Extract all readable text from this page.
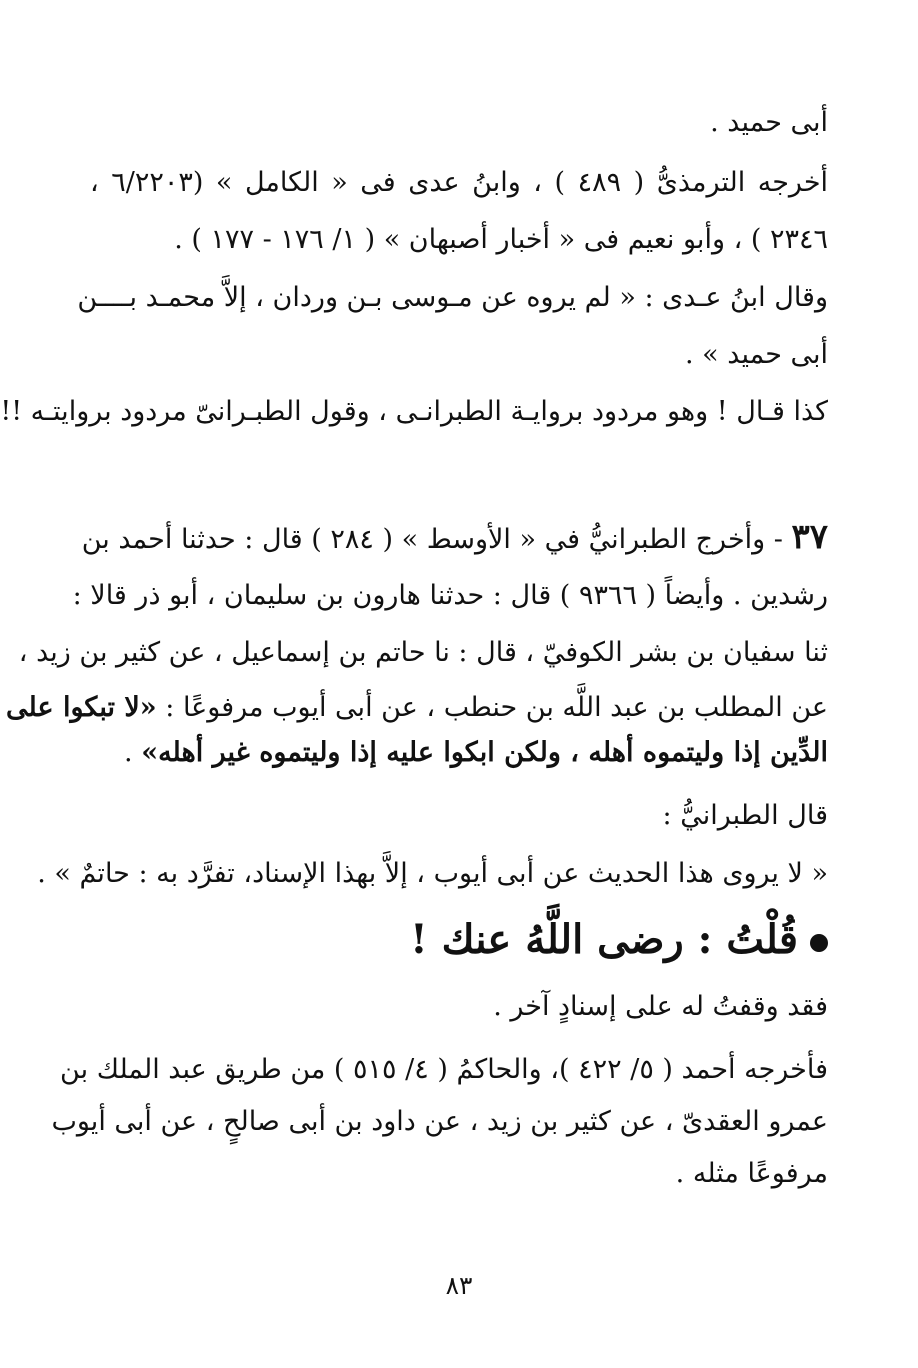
أبى حميد .
أخرجه الترمذىُّ ( ٤٨٩ ) ، وابنُ عدى فى « الكامل » (٦/٢٢٠٣ ،
٢٣٤٦ ) ، وأبو نعيم فى « أخبار أصبهان » ( ١/ ١٧٦ - ١٧٧ ) .
وقال ابنُ عـدى : « لم يروه عن مـوسى بـن وردان ، إلاَّ محمـد بــــن
أبى حميد » .
كذا قـال ! وهو مردود بروايـة الطبرانـى ، وقول الطبـرانىّ مردود بروايتـه !!
٣٧ - وأخرج الطبرانيُّ في « الأوسط » ( ٢٨٤ ) قال : حدثنا أحمد بن
رشدين . وأيضاً ( ٩٣٦٦ ) قال : حدثنا هارون بن سليمان ، أبو ذر قالا :
ثنا سفيان بن بشر الكوفيّ ، قال : نا حاتم بن إسماعيل ، عن كثير بن زيد ،
عن المطلب بن عبد اللَّه بن حنطب ، عن أبى أيوب مرفوعًا : «لا تبكوا على
الدِّين إذا وليتموه أهله ، ولكن ابكوا عليه إذا وليتموه غير أهله» .
قال الطبرانيُّ :
« لا يروى هذا الحديث عن أبى أيوب ، إلاَّ بهذا الإسناد، تفرَّد به : حاتمٌ » .
قُلْتُ : رضى اللَّهُ عنك !
فقد وقفتُ له على إسنادٍ آخر .
فأخرجه أحمد ( ٥/ ٤٢٢ )، والحاكمُ ( ٤/ ٥١٥ ) من طريق عبد الملك بن
عمرو العقدىّ ، عن كثير بن زيد ، عن داود بن أبى صالحٍ ، عن أبى أيوب
مرفوعًا مثله .
٨٣
